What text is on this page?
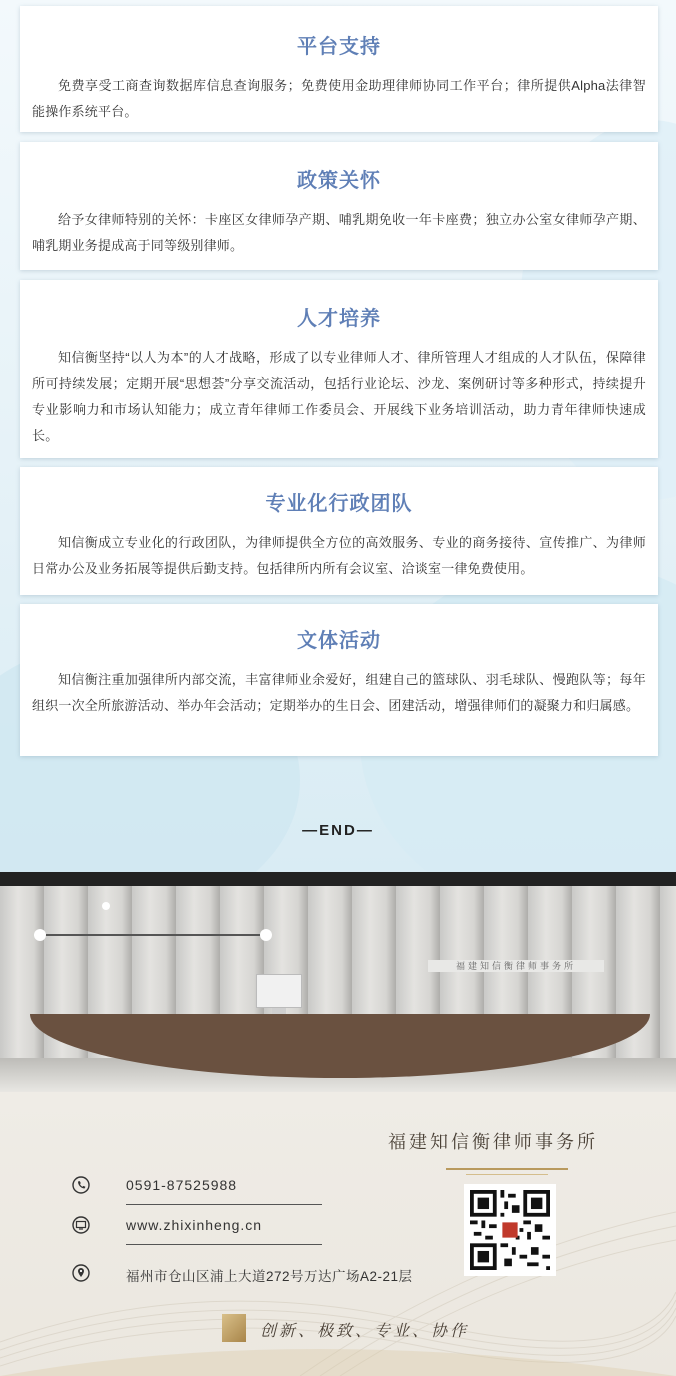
平台支持

免费享受工商查询数据库信息查询服务；免费使用金助理律师协同工作平台；律所提供Alpha法律智能操作系统平台。

政策关怀

给予女律师特别的关怀：卡座区女律师孕产期、哺乳期免收一年卡座费；独立办公室女律师孕产期、哺乳期业务提成高于同等级别律师。

人才培养

知信衡坚持“以人为本”的人才战略，形成了以专业律师人才、律所管理人才组成的人才队伍，保障律所可持续发展；定期开展“思想荟”分享交流活动，包括行业论坛、沙龙、案例研讨等多种形式，持续提升专业影响力和市场认知能力；成立青年律师工作委员会、开展线下业务培训活动，助力青年律师快速成长。

专业化行政团队

知信衡成立专业化的行政团队，为律师提供全方位的高效服务、专业的商务接待、宣传推广、为律师日常办公及业务拓展等提供后勤支持。包括律所内所有会议室、洽谈室一律免费使用。

文体活动

知信衡注重加强律所内部交流，丰富律师业余爱好，组建自己的篮球队、羽毛球队、慢跑队等；每年组织一次全所旅游活动、举办年会活动；定期举办的生日会、团建活动，增强律师们的凝聚力和归属感。

—END—
福建知信衡律师事务所
福建知信衡律师事务所
0591-87525988
www.zhixinheng.cn
福州市仓山区浦上大道272号万达广场A2-21层
创新、极致、专业、协作
